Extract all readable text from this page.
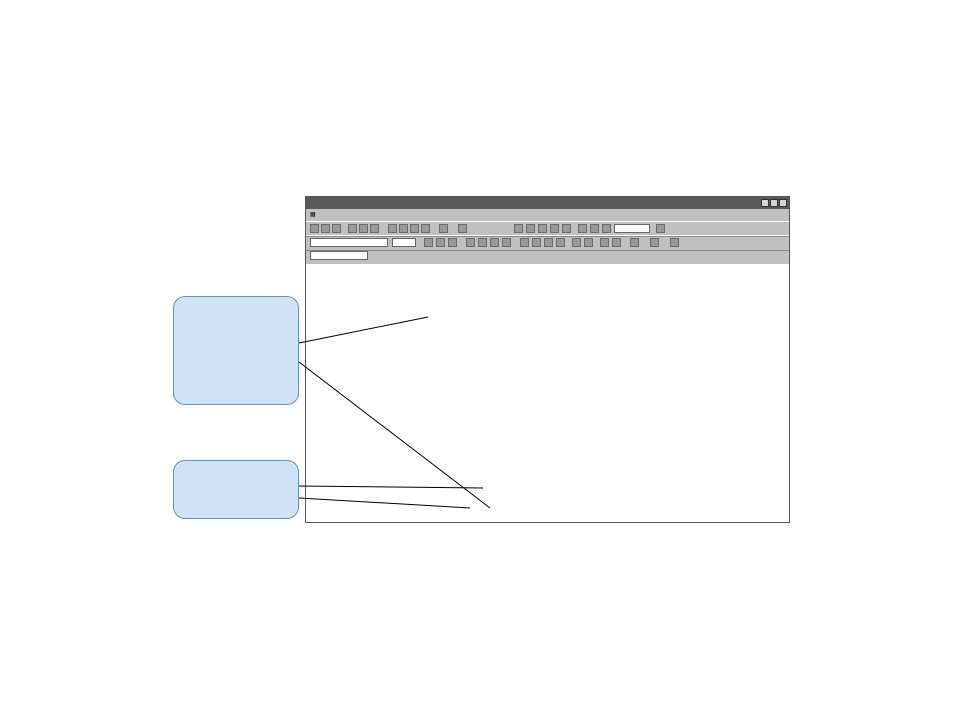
▦
